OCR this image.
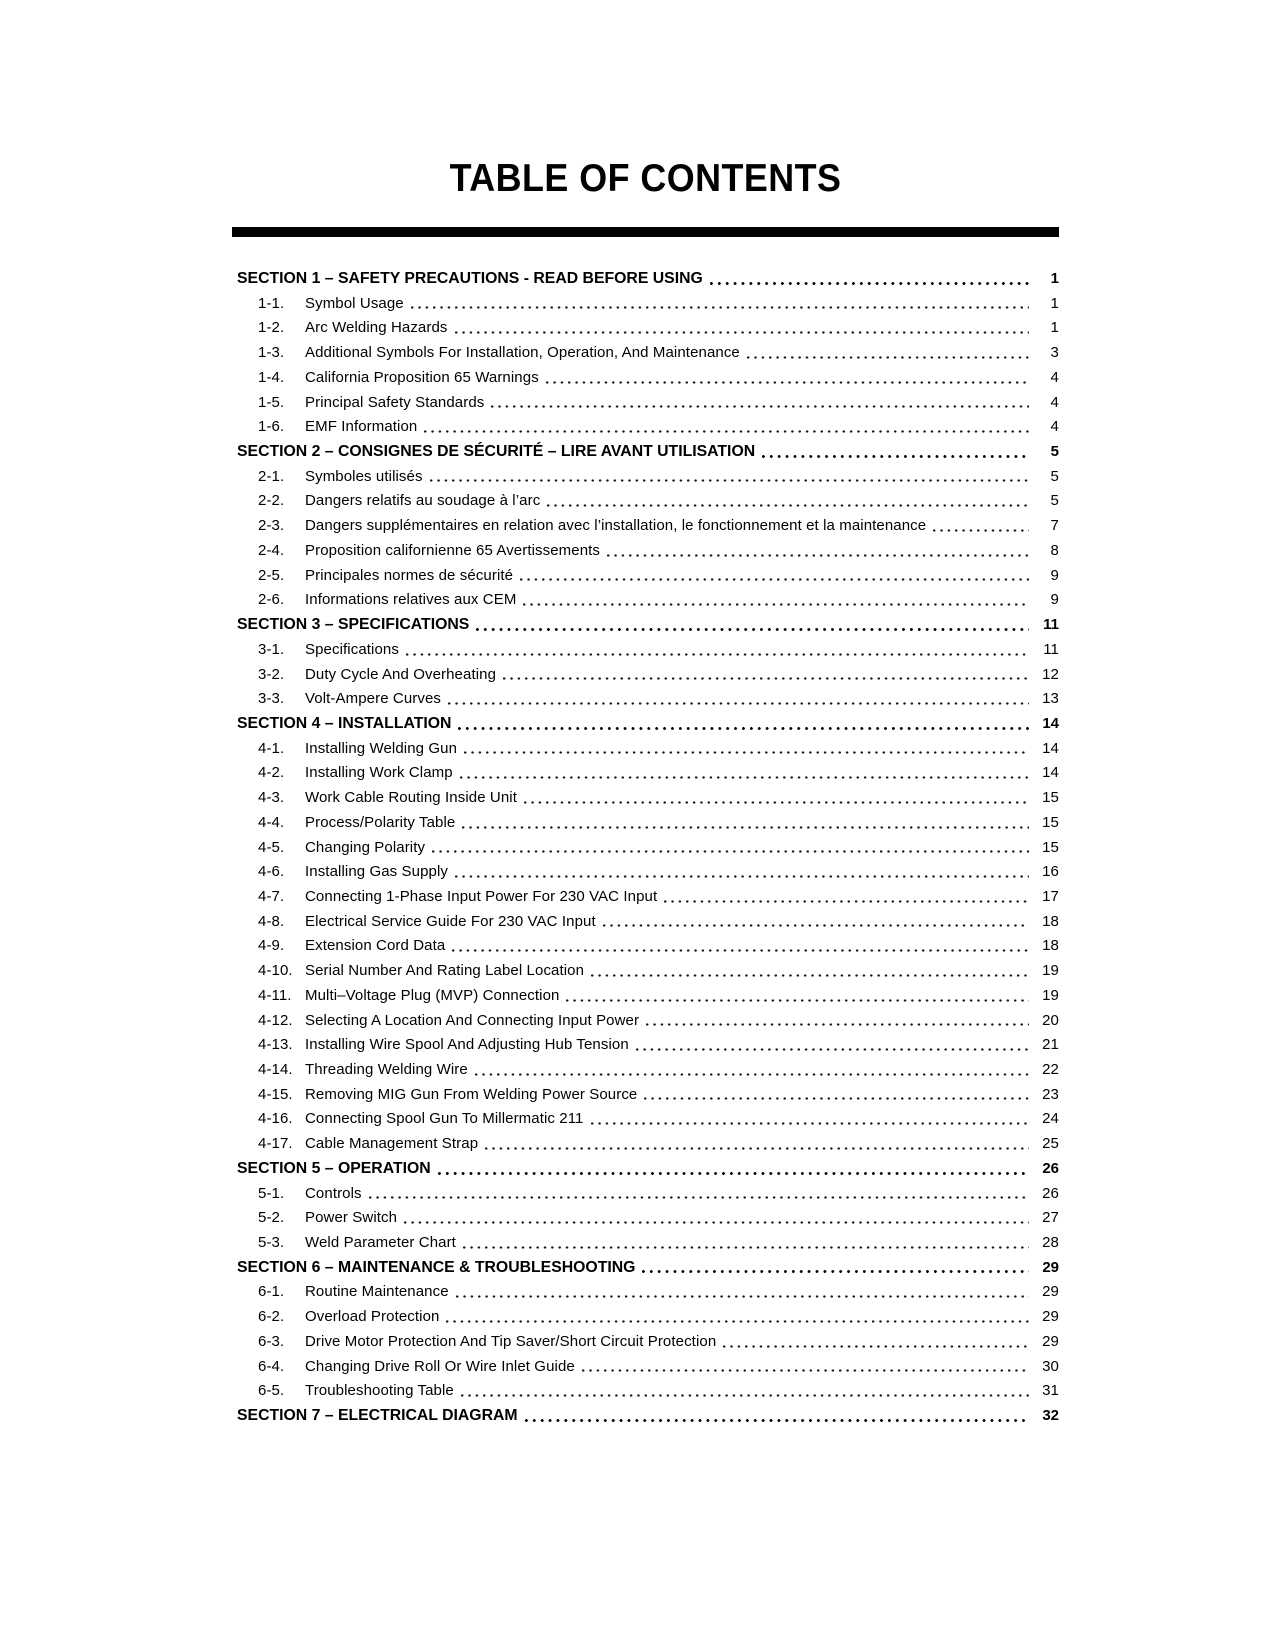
TABLE OF CONTENTS
SECTION 1 – SAFETY PRECAUTIONS - READ BEFORE USING	1
1-1.	Symbol Usage	1
1-2.	Arc Welding Hazards	1
1-3.	Additional Symbols For Installation, Operation, And Maintenance	3
1-4.	California Proposition 65 Warnings	4
1-5.	Principal Safety Standards	4
1-6.	EMF Information	4
SECTION 2 – CONSIGNES DE SÉCURITÉ – LIRE AVANT UTILISATION	5
2-1.	Symboles utilisés	5
2-2.	Dangers relatifs au soudage à l’arc	5
2-3.	Dangers supplémentaires en relation avec l’installation, le fonctionnement et la maintenance	7
2-4.	Proposition californienne 65 Avertissements	8
2-5.	Principales normes de sécurité	9
2-6.	Informations relatives aux CEM	9
SECTION 3 – SPECIFICATIONS	11
3-1.	Specifications	11
3-2.	Duty Cycle And Overheating	12
3-3.	Volt-Ampere Curves	13
SECTION 4 – INSTALLATION	14
4-1.	Installing Welding Gun	14
4-2.	Installing Work Clamp	14
4-3.	Work Cable Routing Inside Unit	15
4-4.	Process/Polarity Table	15
4-5.	Changing Polarity	15
4-6.	Installing Gas Supply	16
4-7.	Connecting 1-Phase Input Power For 230 VAC Input	17
4-8.	Electrical Service Guide For 230 VAC Input	18
4-9.	Extension Cord Data	18
4-10. Serial Number And Rating Label Location	19
4-11. Multi–Voltage Plug (MVP) Connection	19
4-12. Selecting A Location And Connecting Input Power	20
4-13. Installing Wire Spool And Adjusting Hub Tension	21
4-14. Threading Welding Wire	22
4-15. Removing MIG Gun From Welding Power Source	23
4-16. Connecting Spool Gun To Millermatic 211	24
4-17. Cable Management Strap	25
SECTION 5 – OPERATION	26
5-1.	Controls	26
5-2.	Power Switch	27
5-3.	Weld Parameter Chart	28
SECTION 6 – MAINTENANCE & TROUBLESHOOTING	29
6-1.	Routine Maintenance	29
6-2.	Overload Protection	29
6-3.	Drive Motor Protection And Tip Saver/Short Circuit Protection	29
6-4.	Changing Drive Roll Or Wire Inlet Guide	30
6-5.	Troubleshooting Table	31
SECTION 7 – ELECTRICAL DIAGRAM	32
